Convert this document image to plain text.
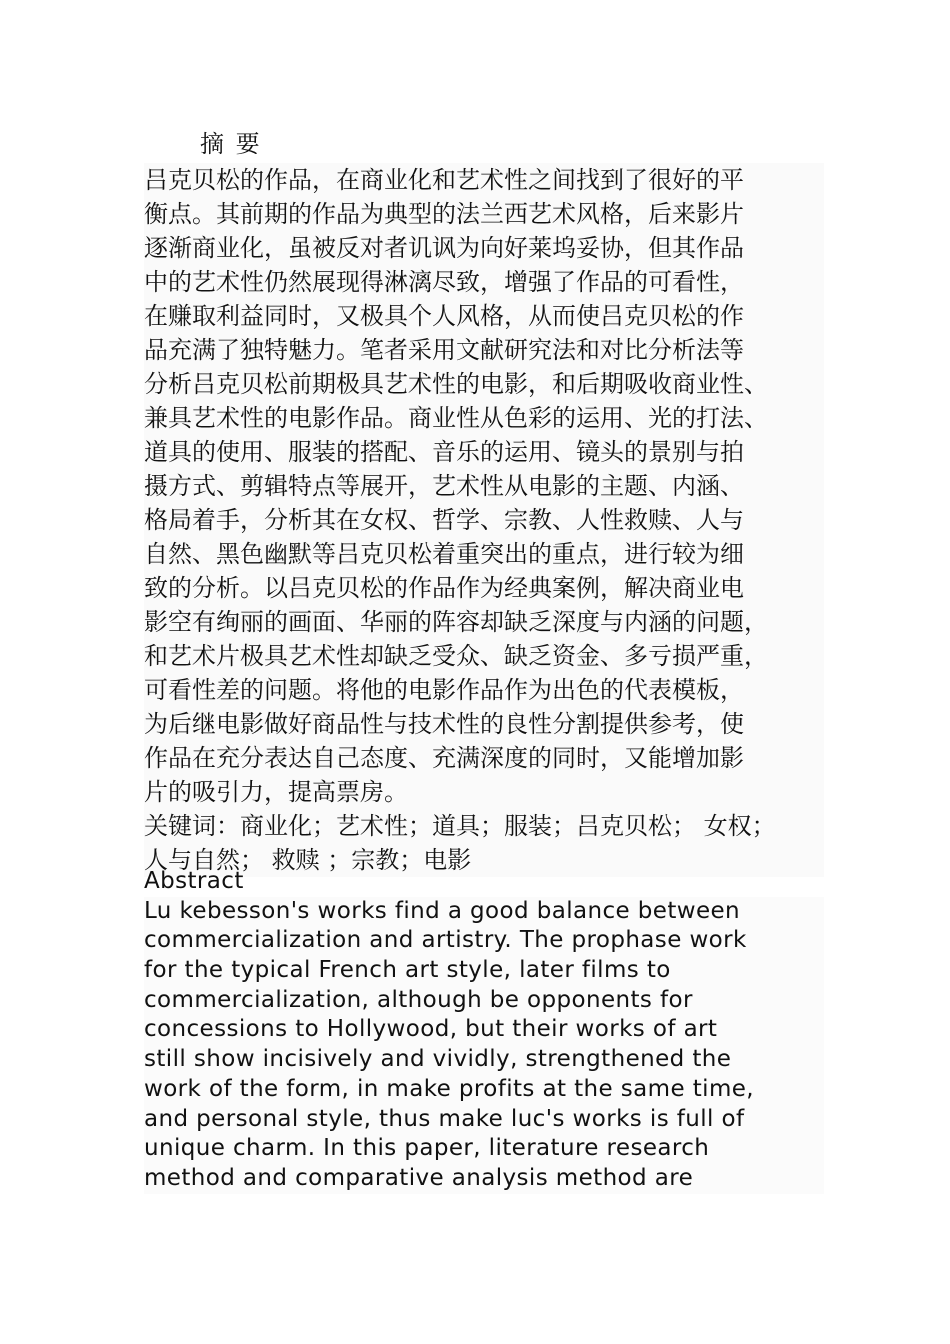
摘 要
吕克贝松的作品，在商业化和艺术性之间找到了很好的平
衡点。其前期的作品为典型的法兰西艺术风格，后来影片
逐渐商业化，虽被反对者讥讽为向好莱坞妥协，但其作品
中的艺术性仍然展现得淋漓尽致，增强了作品的可看性，
在赚取利益同时，又极具个人风格，从而使吕克贝松的作
品充满了独特魅力。笔者采用文献研究法和对比分析法等
分析吕克贝松前期极具艺术性的电影，和后期吸收商业性、
兼具艺术性的电影作品。商业性从色彩的运用、光的打法、
道具的使用、服装的搭配、音乐的运用、镜头的景别与拍
摄方式、剪辑特点等展开，艺术性从电影的主题、内涵、
格局着手，分析其在女权、哲学、宗教、人性救赎、人与
自然、黑色幽默等吕克贝松着重突出的重点，进行较为细
致的分析。以吕克贝松的作品作为经典案例，解决商业电
影空有绚丽的画面、华丽的阵容却缺乏深度与内涵的问题，
和艺术片极具艺术性却缺乏受众、缺乏资金、多亏损严重，
可看性差的问题。将他的电影作品作为出色的代表模板，
为后继电影做好商品性与技术性的良性分割提供参考，使
作品在充分表达自己态度、充满深度的同时，又能增加影
片的吸引力，提高票房。
关键词：商业化；艺术性；道具；服装；吕克贝松； 女权；
人与自然； 救赎 ；宗教；电影
Abstract
Lu kebesson's works find a good balance between
commercialization and artistry. The prophase work
for the typical French art style, later films to
commercialization, although be opponents for
concessions to Hollywood, but their works of art
still show incisively and vividly, strengthened the
work of the form, in make profits at the same time,
and personal style, thus make luc's works is full of
unique charm. In this paper, literature research
method and comparative analysis method are
